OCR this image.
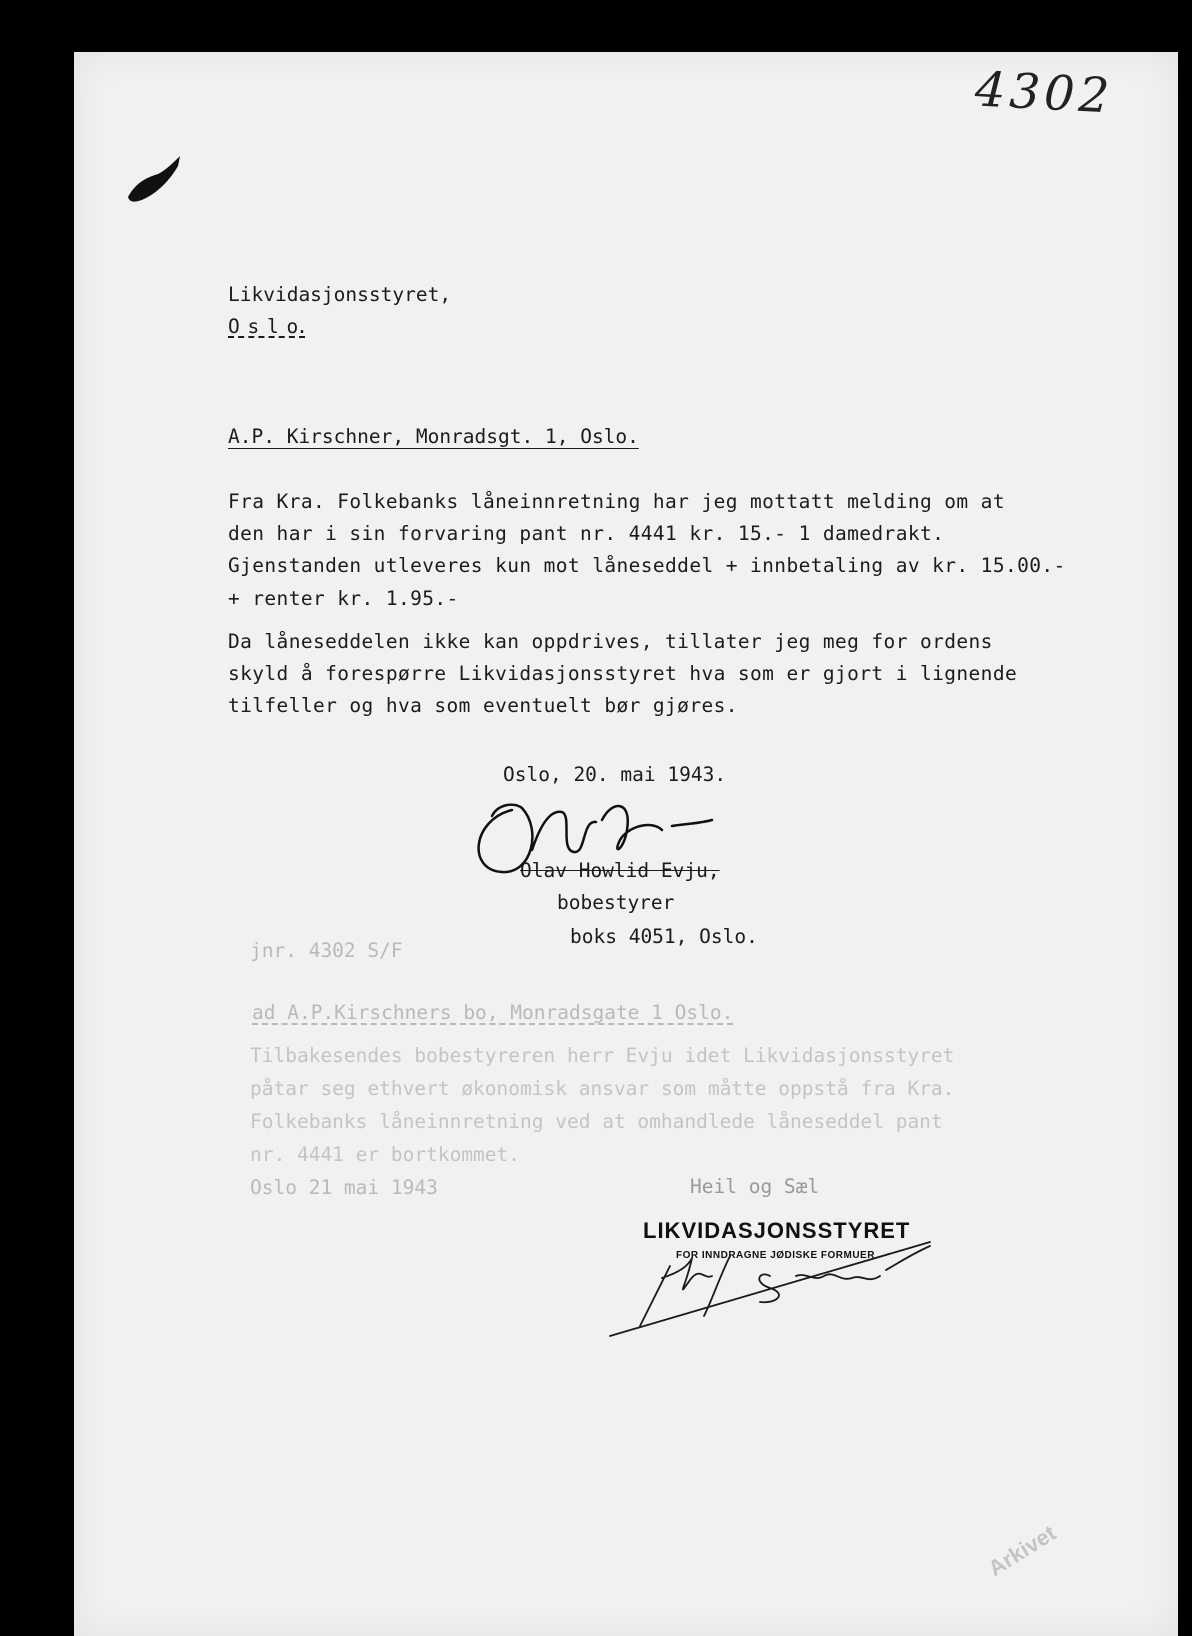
4302
Likvidasjonsstyret,
O s l o.
A.P. Kirschner, Monradsgt. 1, Oslo.
Fra Kra. Folkebanks låneinnretning har jeg mottatt melding om at
den har i sin forvaring pant nr. 4441 kr. 15.- 1 damedrakt.
Gjenstanden utleveres kun mot låneseddel + innbetaling av kr. 15.00.-
+ renter kr. 1.95.-
Da låneseddelen ikke kan oppdrives, tillater jeg meg for ordens
skyld å forespørre Likvidasjonsstyret hva som er gjort i lignende
tilfeller og hva som eventuelt bør gjøres.
Oslo, 20. mai 1943.
Olav Howlid Evju,
bobestyrer
boks 4051, Oslo.
jnr. 4302 S/F
ad A.P.Kirschners bo, Monradsgate 1 Oslo.
Tilbakesendes bobestyreren herr Evju idet Likvidasjonsstyret
påtar seg ethvert økonomisk ansvar som måtte oppstå fra Kra.
Folkebanks låneinnretning ved at omhandlede låneseddel pant
nr. 4441 er bortkommet.
Oslo 21 mai 1943	Heil og Sæl
LIKVIDASJONSSTYRET
FOR INNDRAGNE JØDISKE FORMUER
Arkivet
